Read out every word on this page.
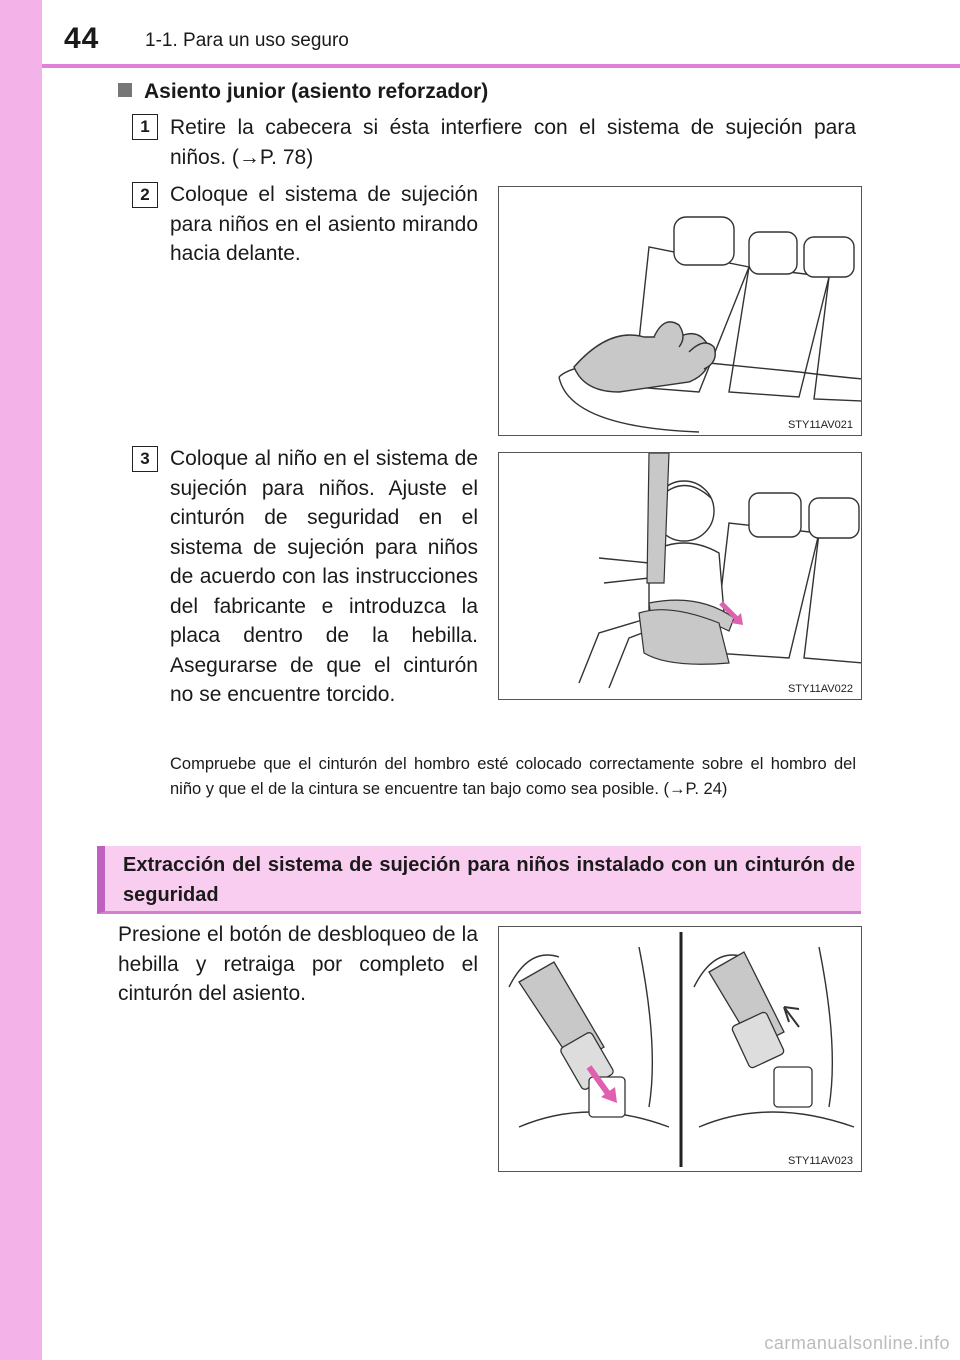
44 1-1. Para un uso seguro
Asiento junior (asiento reforzador)
1 Retire la cabecera si ésta interfiere con el sistema de sujeción para niños. (→P. 78)
2 Coloque el sistema de sujeción para niños en el asiento mirando hacia delante.
STY11AV021
3 Coloque al niño en el sistema de sujeción para niños. Ajuste el cinturón de seguridad en el sistema de sujeción para niños de acuerdo con las instrucciones del fabricante e introduzca la placa dentro de la hebilla. Asegurarse de que el cinturón no se encuentre torcido.	STY11AV022
Compruebe que el cinturón del hombro esté colocado correctamente sobre el hombro del niño y que el de la cintura se encuentre tan bajo como sea posible. (→P. 24)
Extracción del sistema de sujeción para niños instalado con un cinturón de seguridad
Presione el botón de desbloqueo de la hebilla y retraiga por completo el cinturón del asiento.
STY11AV023
carmanualsonline.info
